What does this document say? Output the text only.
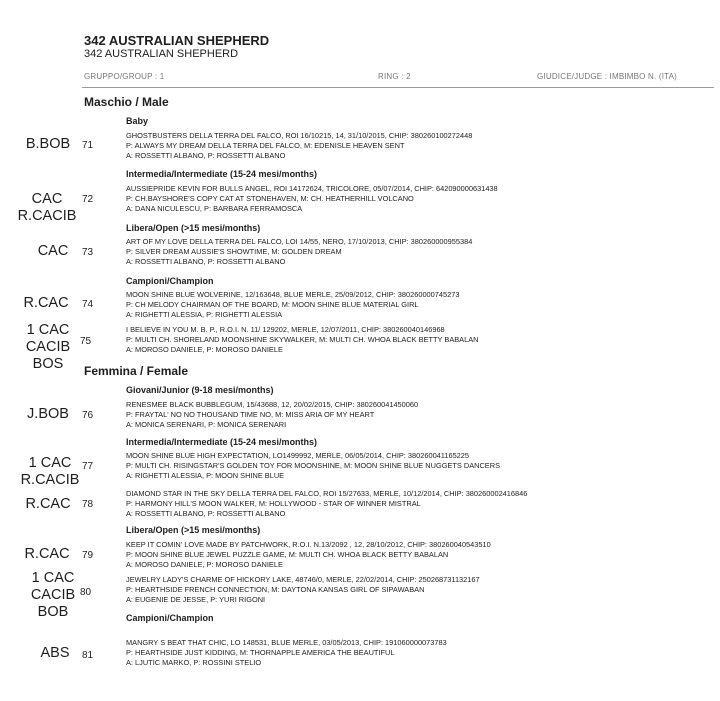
342 AUSTRALIAN SHEPHERD
342 AUSTRALIAN SHEPHERD
GRUPPO/GROUP : 1	RING : 2	GIUDICE/JUDGE : IMBIMBO N. (ITA)
Maschio / Male
Baby
Intermedia/Intermediate (15-24 mesi/months)
Libera/Open (>15 mesi/months)
Campioni/Champion
Femmina / Female
Giovani/Junior (9-18 mesi/months)
Intermedia/Intermediate (15-24 mesi/months)
Libera/Open (>15 mesi/months)
Campioni/Champion
GHOSTBUSTERS DELLA TERRA DEL FALCO, ROI 16/10215, 14, 31/10/2015, CHIP: 380260100272448
P: ALWAYS MY DREAM DELLA TERRA DEL FALCO, M: EDENISLE HEAVEN SENT
A: ROSSETTI ALBANO, P: ROSSETTI ALBANO
71
B.BOB
AUSSIEPRIDE KEVIN FOR BULLS ANGEL, ROI 14172624, TRICOLORE, 05/07/2014, CHIP: 642090000631438
P: CH.BAYSHORE'S COPY CAT AT STONEHAVEN, M: CH. HEATHERHILL VOLCANO
A: DANA NICULESCU, P: BARBARA FERRAMOSCA
72
CAC
R.CACIB
ART OF MY LOVE DELLA TERRA DEL FALCO, LOI 14/55, NERO, 17/10/2013, CHIP: 380260000955384
P: SILVER DREAM AUSSIE'S SHOWTIME, M: GOLDEN DREAM
A: ROSSETTI ALBANO, P: ROSSETTI ALBANO
73
CAC
MOON SHINE BLUE WOLVERINE, 12/163648, BLUE MERLE, 25/09/2012, CHIP: 380260000745273
P: CH MELODY CHAIRMAN OF THE BOARD, M: MOON SHINE BLUE MATERIAL GIRL
A: RIGHETTI ALESSIA, P: RIGHETTI ALESSIA
74
R.CAC
I BELIEVE IN YOU M. B. P., R.O.I. N. 11/ 129202, MERLE, 12/07/2011, CHIP: 380260040146968
P: MULTI CH. SHORELAND MOONSHINE SKYWALKER, M: MULTI CH. WHOA BLACK BETTY BABALAN
A: MOROSO DANIELE, P: MOROSO DANIELE
75
1 CAC
CACIB
BOS
RENESMEE BLACK BUBBLEGUM, 15/43688, 12, 20/02/2015, CHIP: 380260041450060
P: FRAYTAL' NO NO THOUSAND TIME NO, M: MISS ARIA OF MY HEART
A: MONICA SERENARI, P: MONICA SERENARI
76
J.BOB
MOON SHINE BLUE HIGH EXPECTATION, LO1499992, MERLE, 06/05/2014, CHIP: 380260041165225
P: MULTI CH. RISINGSTAR'S GOLDEN TOY FOR MOONSHINE, M: MOON SHINE BLUE NUGGETS DANCERS
A: RIGHETTI ALESSIA, P: MOON SHINE BLUE
77
1 CAC
R.CACIB
DIAMOND STAR IN THE SKY DELLA TERRA DEL FALCO, ROI 15/27633, MERLE, 10/12/2014, CHIP: 380260002416846
P: HARMONY HILL'S MOON WALKER, M: HOLLYWOOD - STAR OF WINNER MISTRAL
A: ROSSETTI ALBANO, P: ROSSETTI ALBANO
78
R.CAC
KEEP IT COMIN' LOVE MADE BY PATCHWORK, R.O.I. N.13/2092 , 12, 28/10/2012, CHIP: 380260040543510
P: MOON SHINE BLUE JEWEL PUZZLE GAME, M: MULTI CH. WHOA BLACK BETTY BABALAN
A: MOROSO DANIELE, P: MOROSO DANIELE
79
R.CAC
JEWELRY LADY'S CHARME OF HICKORY LAKE, 48746/0, MERLE, 22/02/2014, CHIP: 250268731132167
P: HEARTHSIDE FRENCH CONNECTION, M: DAYTONA KANSAS GIRL OF SIPAWABAN
A: EUGENIE DE JESSE, P: YURI RIGONI
80
1 CAC
CACIB
BOB
MANGRY S BEAT THAT CHIC, LO 148531, BLUE MERLE, 03/05/2013, CHIP: 191060000073783
P: HEARTHSIDE JUST KIDDING, M: THORNAPPLE AMERICA THE BEAUTIFUL
A: LJUTIC MARKO, P: ROSSINI STELIO
81
ABS
